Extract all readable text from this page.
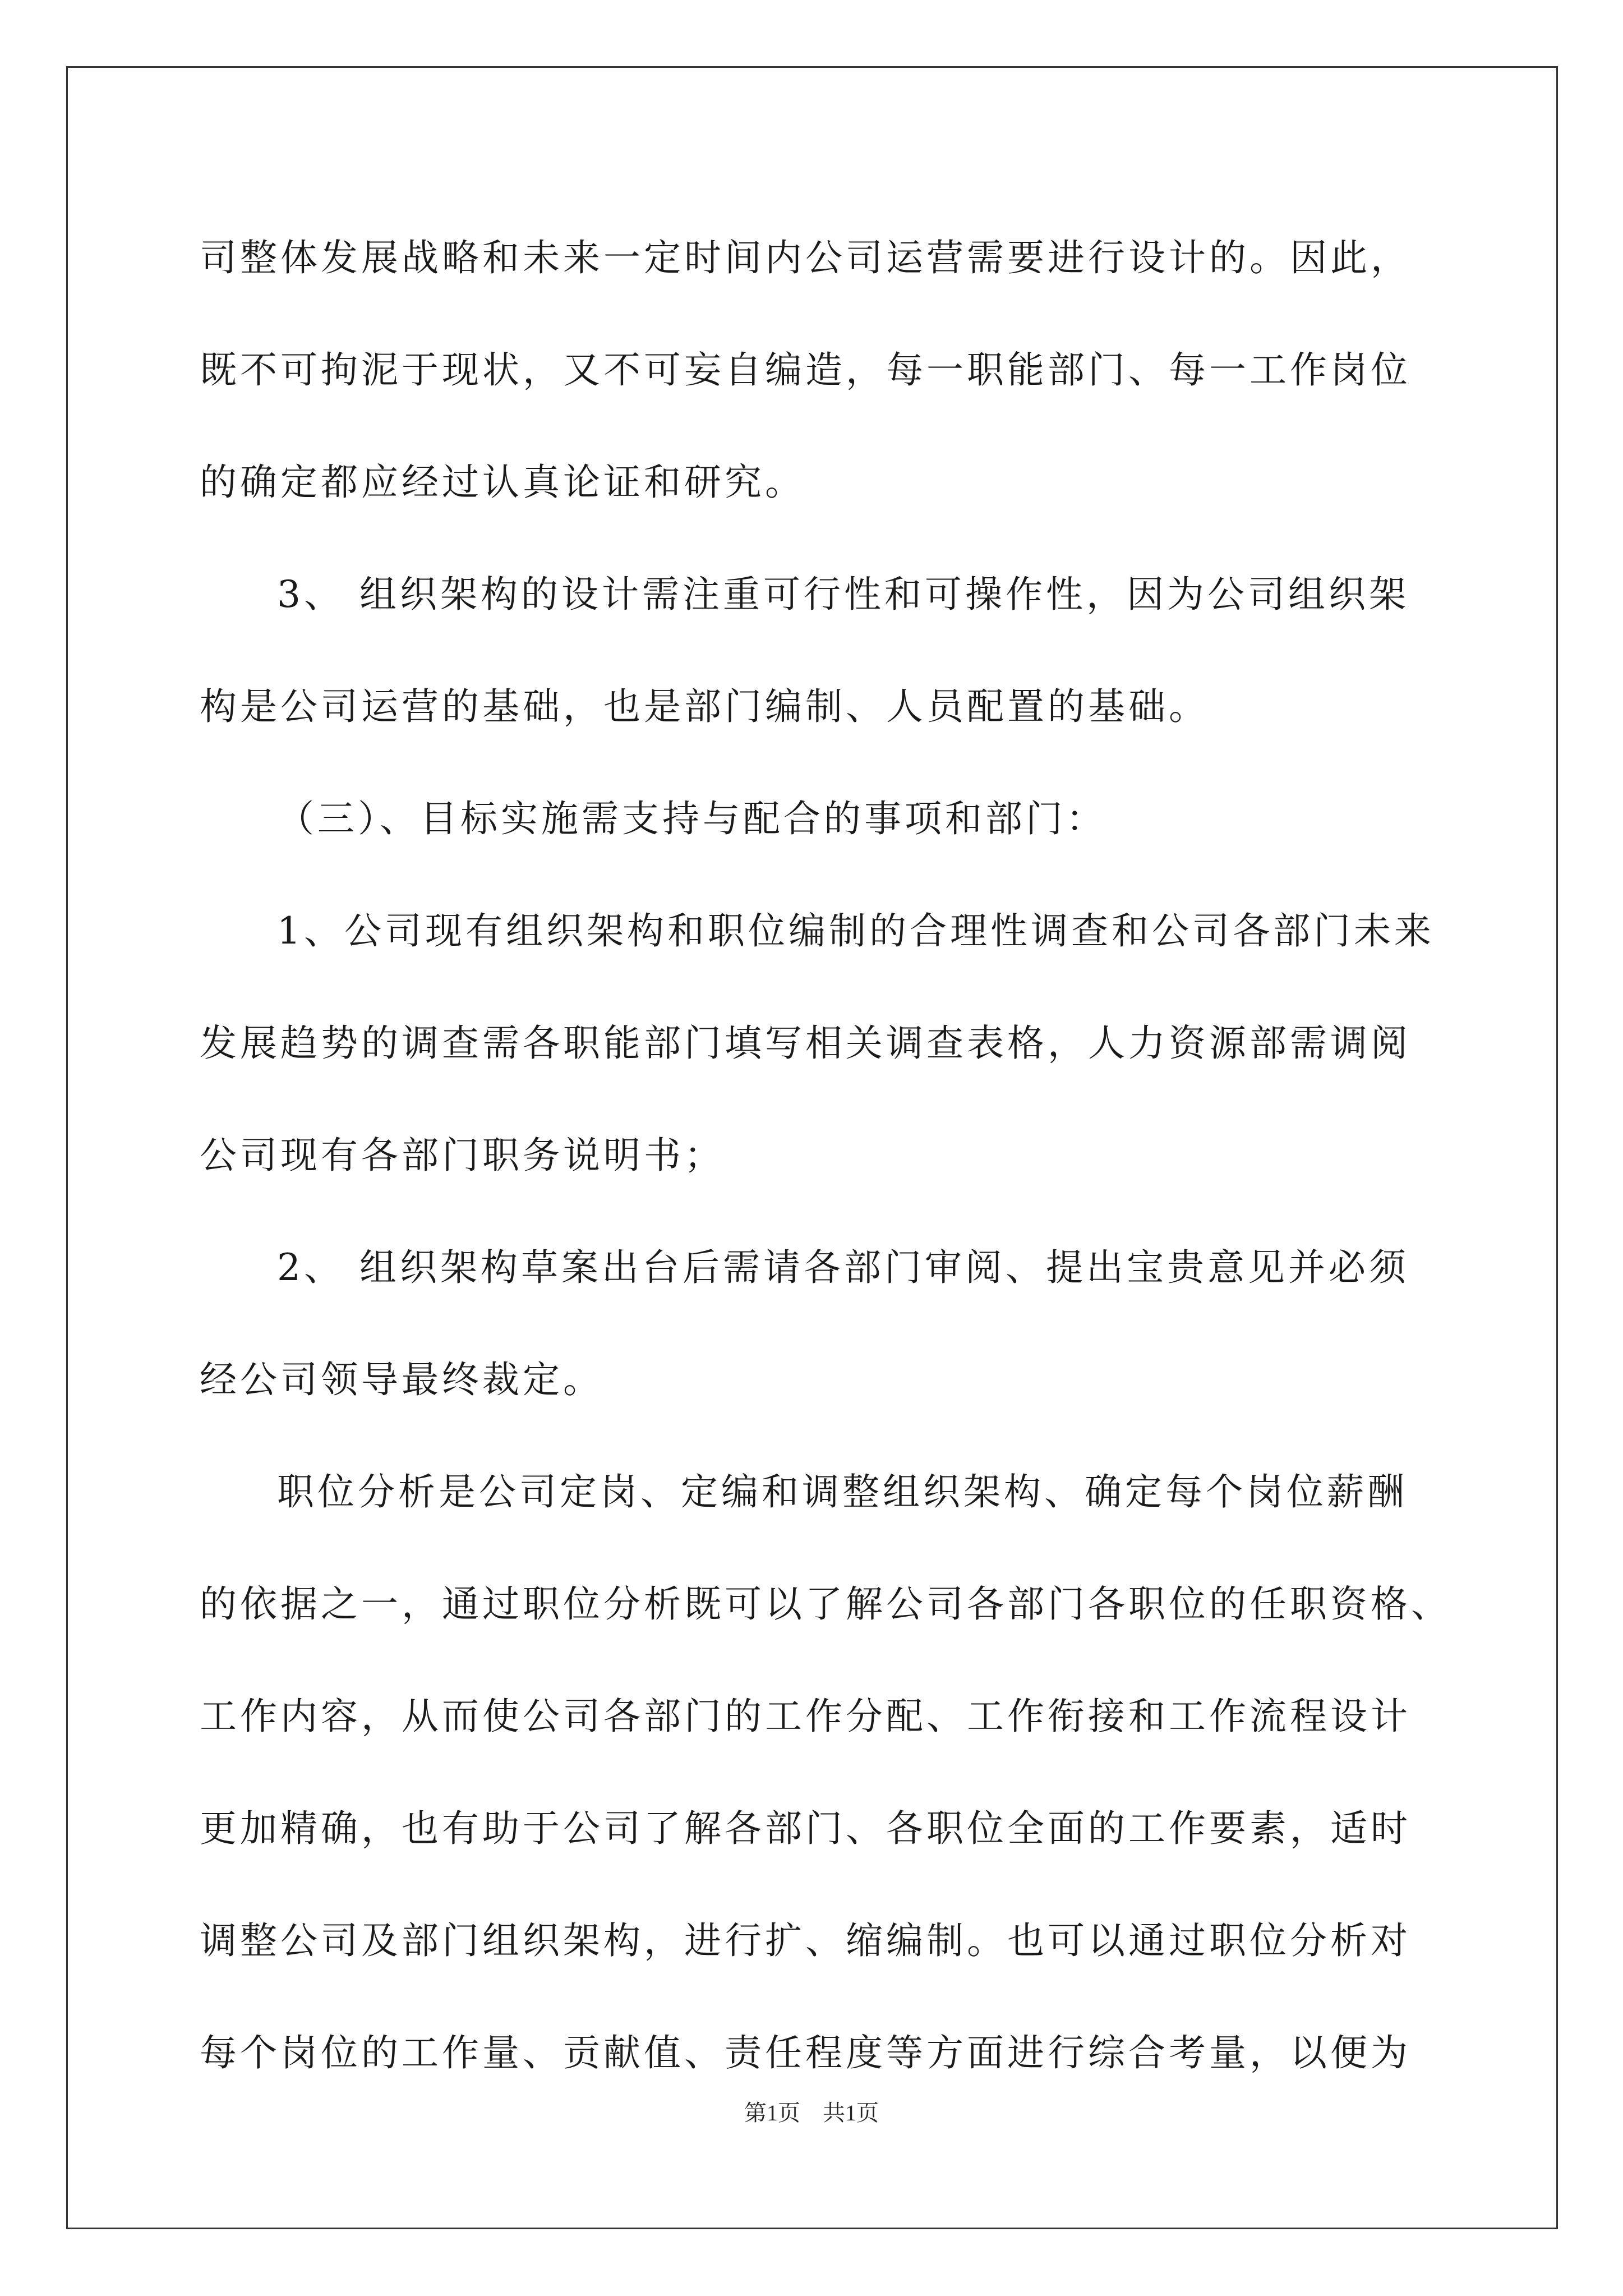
司整体发展战略和未来一定时间内公司运营需要进行设计的。因此，
既不可拘泥于现状，又不可妄自编造，每一职能部门、每一工作岗位
的确定都应经过认真论证和研究。
3、 组织架构的设计需注重可行性和可操作性，因为公司组织架
构是公司运营的基础，也是部门编制、人员配置的基础。
（三）、目标实施需支持与配合的事项和部门：
1、公司现有组织架构和职位编制的合理性调查和公司各部门未来
发展趋势的调查需各职能部门填写相关调查表格，人力资源部需调阅
公司现有各部门职务说明书；
2、 组织架构草案出台后需请各部门审阅、提出宝贵意见并必须
经公司领导最终裁定。
职位分析是公司定岗、定编和调整组织架构、确定每个岗位薪酬
的依据之一，通过职位分析既可以了解公司各部门各职位的任职资格、
工作内容，从而使公司各部门的工作分配、工作衔接和工作流程设计
更加精确，也有助于公司了解各部门、各职位全面的工作要素，适时
调整公司及部门组织架构，进行扩、缩编制。也可以通过职位分析对
每个岗位的工作量、贡献值、责任程度等方面进行综合考量，以便为
第1页　共1页
